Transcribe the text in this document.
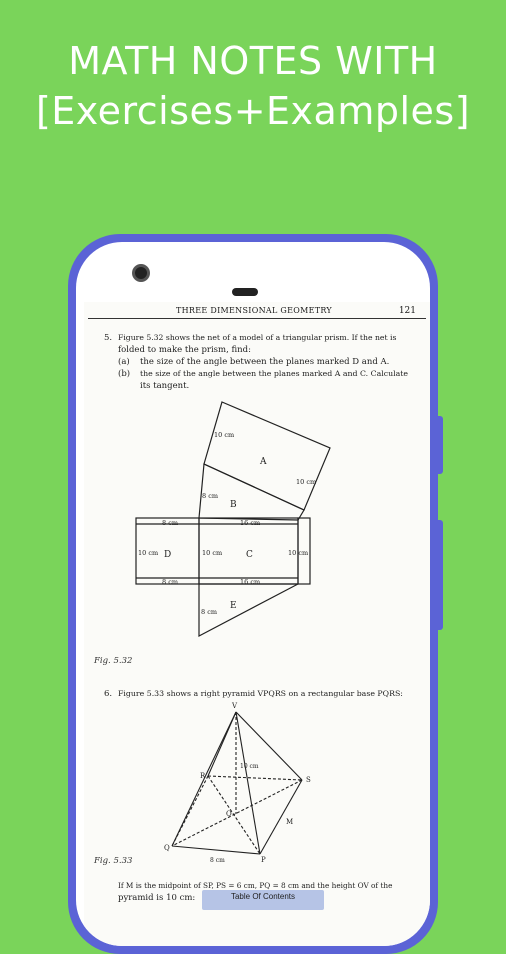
MATH NOTES WITH
[Exercises+Examples]
THREE DIMENSIONAL GEOMETRY	121
5. Figure 5.32 shows the net of a model of a triangular prism. If the net is
folded to make the prism, find:
(a) the size of the angle between the planes marked D and A.
(b) the size of the angle between the planes marked A and C. Calculate
its tangent.
A
B
C
D
E
10 cm
10 cm
8 cm
8 cm	16 cm
10 cm	10 cm	10 cm
8 cm	16 cm
8 cm
V
R	S
Q
P
O
M
10 cm
8 cm
Fig. 5.32
6. Figure 5.33 shows a right pyramid VPQRS on a rectangular base PQRS:
Fig. 5.33
If M is the midpoint of SP, PS = 6 cm, PQ = 8 cm and the height OV of the
pyramid is 10 cm:	Table Of Contents
